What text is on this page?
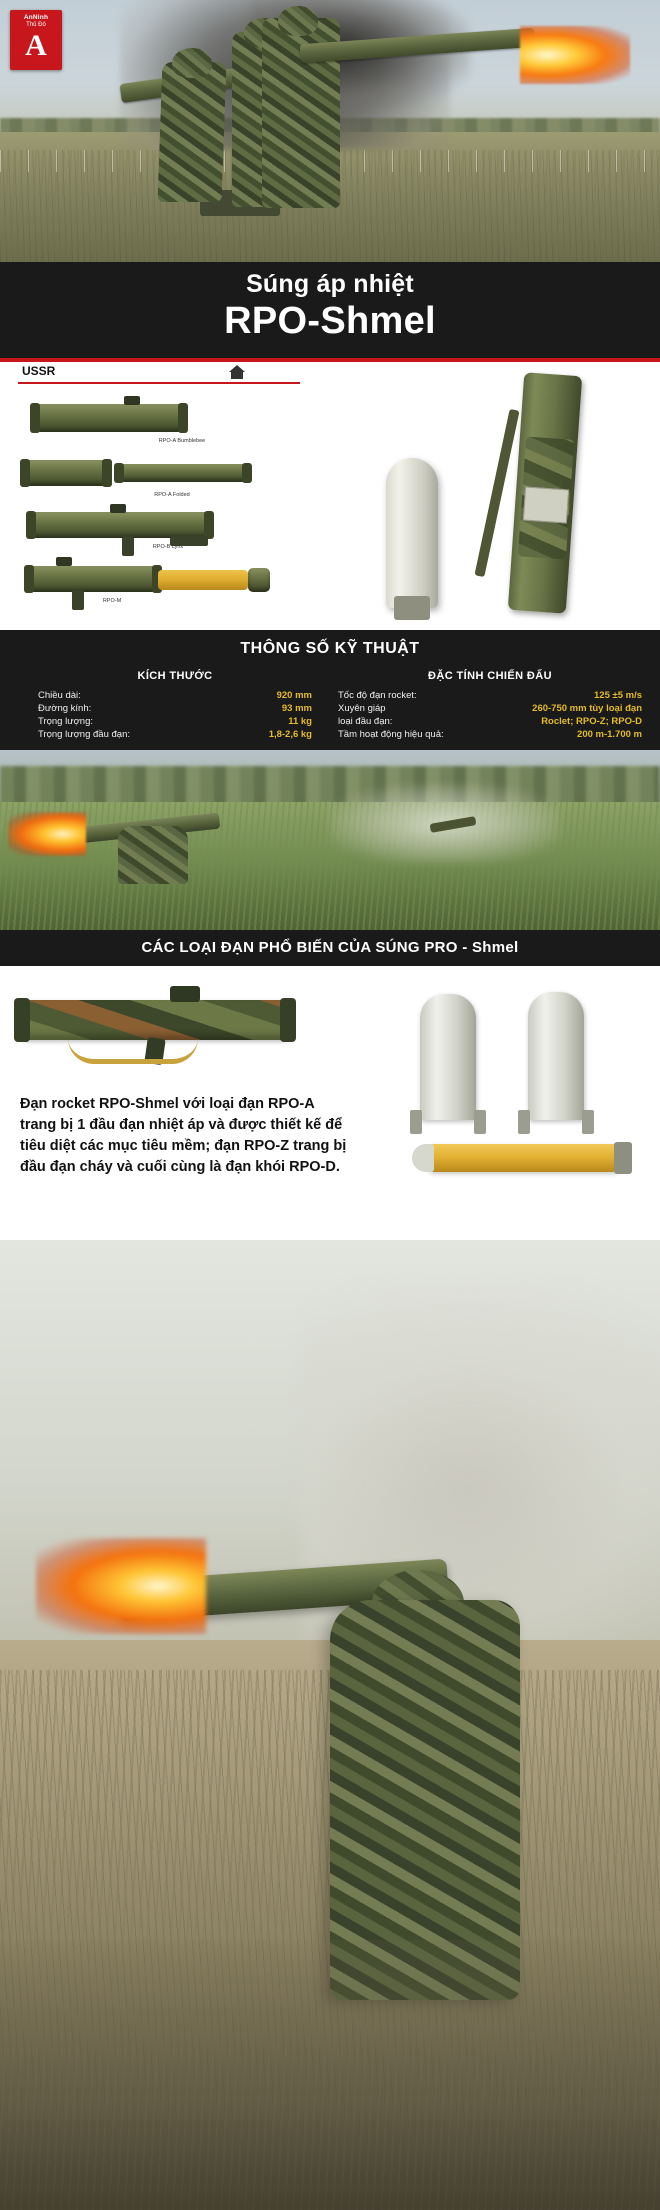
AnNinh
Thủ Đô
A
Súng áp nhiệt
RPO-Shmel
USSR
RPO-A Bumblebee
RPO-A Folded
RPO-B Lynx
RPO-M
THÔNG SỐ KỸ THUẬT
KÍCH THƯỚC
Chiều dài:	920 mm
Đường kính:	93 mm
Trọng lượng:	11 kg
Trọng lượng đầu đạn:	1,8-2,6 kg
ĐẶC TÍNH CHIẾN ĐẤU
Tốc độ đạn rocket:	125 ±5 m/s
Xuyên giáp	260-750 mm tùy loại đạn
loại đầu đạn:	Roclet; RPO-Z; RPO-D
Tầm hoạt động hiệu quả:	200 m-1.700 m
CÁC LOẠI ĐẠN PHỔ BIẾN CỦA SÚNG PRO - Shmel
Đạn rocket RPO-Shmel với loại đạn RPO-A trang bị 1 đầu đạn nhiệt áp và được thiết kế để tiêu diệt các mục tiêu mềm; đạn RPO-Z trang bị đầu đạn cháy và cuối cùng là đạn khói RPO-D.
